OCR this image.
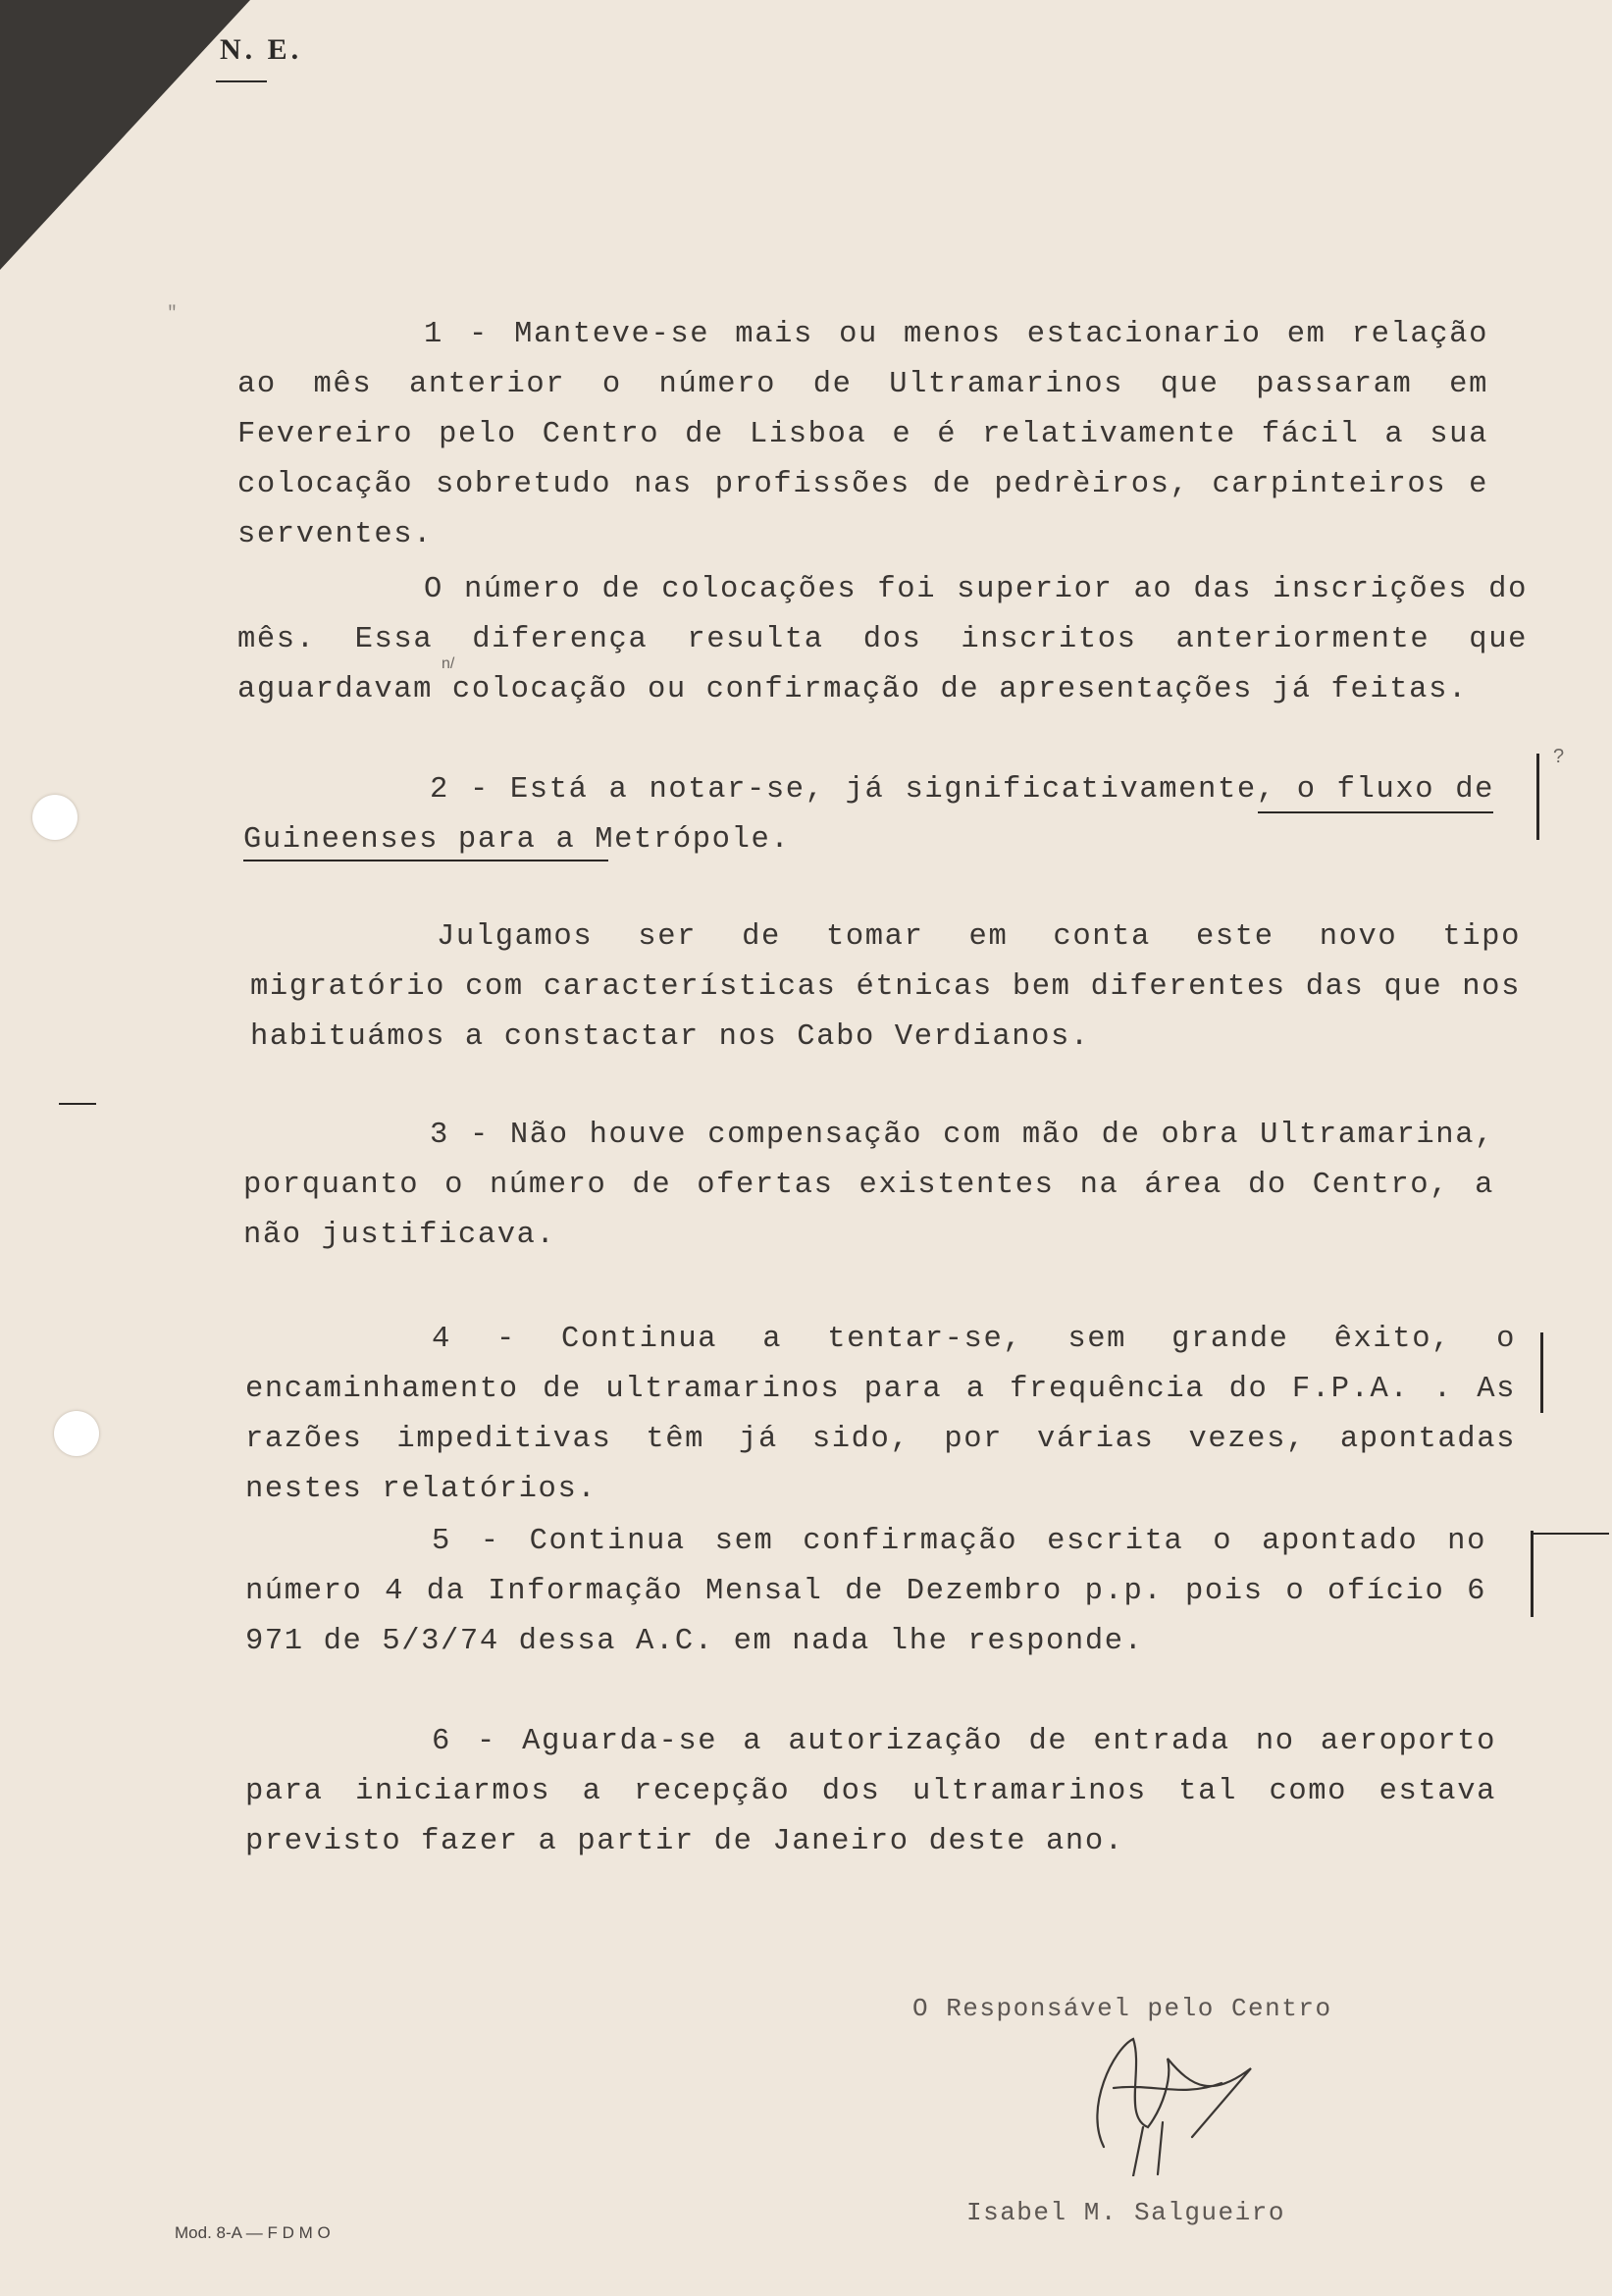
N. E.
"

1 - Manteve-se mais ou menos estacionario em relação ao mês anterior o número de Ultramarinos que passaram em Fevereiro pelo Centro de Lisboa e é relativamente fácil a sua colocação sobretudo nas profissões de pedrèiros, carpinteiros e serventes.

O número de colocações foi superior ao das inscrições do mês. Essa diferença resulta dos inscritos anteriormente que aguardavam colocação ou confirmação de apresentações já feitas.

2 - Está a notar-se, já significativamente, o fluxo de Guineenses para a Metrópole.

Julgamos ser de tomar em conta este novo tipo migratório com características étnicas bem diferentes das que nos habituámos a constactar nos Cabo Verdianos.

3 - Não houve compensação com mão de obra Ultramarina, porquanto o número de ofertas existentes na área do Centro, a não justificava.

4 - Continua a tentar-se, sem grande êxito, o encaminhamento de ultramarinos para a frequência do F.P.A. . As razões impeditivas têm já sido, por várias vezes, apontadas nestes relatórios.

5 - Continua sem confirmação escrita o apontado no número 4 da Informação Mensal de Dezembro p.p. pois o ofício 6 971 de 5/3/74 dessa A.C. em nada lhe responde.

6 - Aguarda-se a autorização de entrada no aeroporto para iniciarmos a recepção dos ultramarinos tal como estava previsto fazer a partir de Janeiro deste ano.

?
n/
O Responsável pelo Centro
Isabel M. Salgueiro
Mod. 8-A — F D M O
